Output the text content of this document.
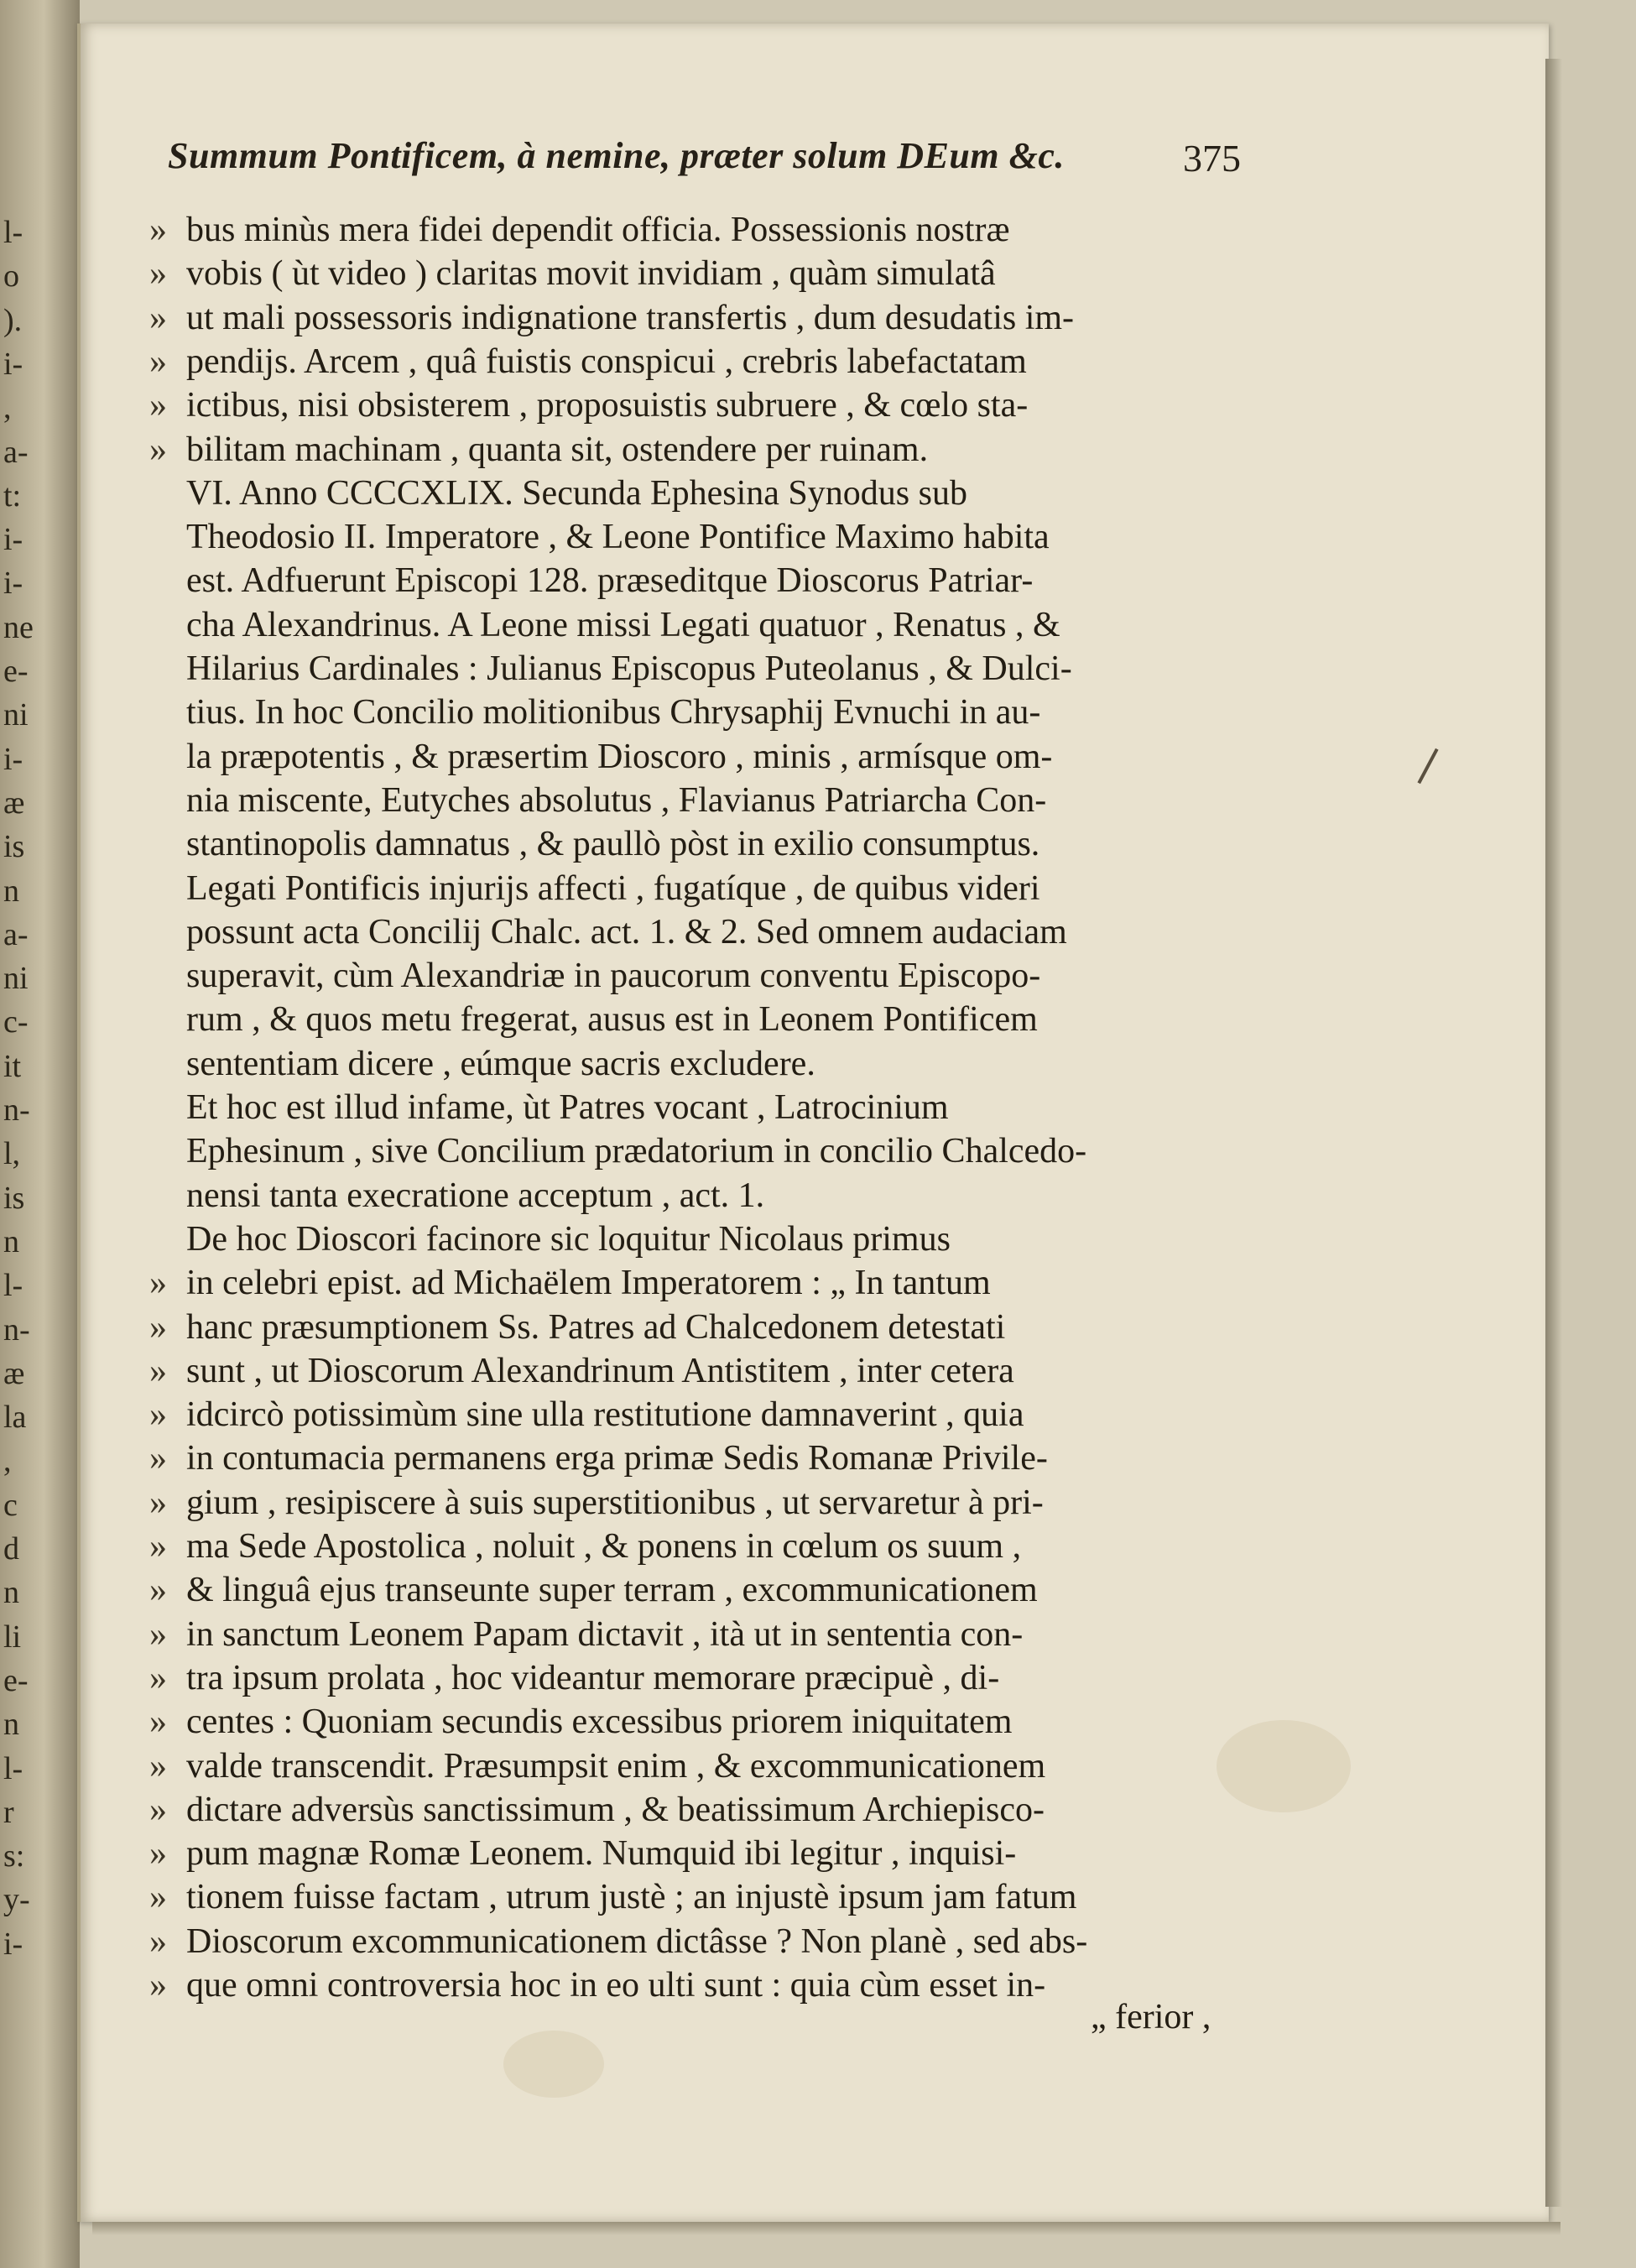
l-
o
).
i-
,
a-
t:
i-
i-
ne
e-
ni
i-
æ
is
n
a-
ni
c-
it
n-
l,
is
n
l-
n-
æ
la
,
c
d
n
li
e-
n
l-
r
s:
y-
i-
Summum Pontificem, à nemine, præter solum DEum &c.	375
» bus minùs mera fidei dependit officia. Possessionis nostræ
» vobis ( ùt video ) claritas movit invidiam , quàm simulatâ
» ut mali possessoris indignatione transfertis , dum desudatis im-
» pendijs. Arcem , quâ fuistis conspicui , crebris labefactatam
» ictibus, nisi obsisterem , proposuistis subruere , & cœlo sta-
» bilitam machinam , quanta sit, ostendere per ruinam.
VI. Anno CCCCXLIX. Secunda Ephesina Synodus sub
Theodosio II. Imperatore , & Leone Pontifice Maximo habita
est. Adfuerunt Episcopi 128. præseditque Dioscorus Patriar-
cha Alexandrinus. A Leone missi Legati quatuor , Renatus , &
Hilarius Cardinales : Julianus Episcopus Puteolanus , & Dulci-
tius. In hoc Concilio molitionibus Chrysaphij Evnuchi in au-
la præpotentis , & præsertim Dioscoro , minis , armísque om-
nia miscente, Eutyches absolutus , Flavianus Patriarcha Con-
stantinopolis damnatus , & paullò pòst in exilio consumptus.
Legati Pontificis injurijs affecti , fugatíque , de quibus videri
possunt acta Concilij Chalc. act. 1. & 2. Sed omnem audaciam
superavit, cùm Alexandriæ in paucorum conventu Episcopo-
rum , & quos metu fregerat, ausus est in Leonem Pontificem
sententiam dicere , eúmque sacris excludere.
Et hoc est illud infame, ùt Patres vocant , Latrocinium
Ephesinum , sive Concilium prædatorium in concilio Chalcedo-
nensi tanta execratione acceptum , act. 1.
De hoc Dioscori facinore sic loquitur Nicolaus primus
» in celebri epist. ad Michaëlem Imperatorem : „ In tantum
» hanc præsumptionem Ss. Patres ad Chalcedonem detestati
» sunt , ut Dioscorum Alexandrinum Antistitem , inter cetera
» idcircò potissimùm sine ulla restitutione damnaverint , quia
» in contumacia permanens erga primæ Sedis Romanæ Privile-
» gium , resipiscere à suis superstitionibus , ut servaretur à pri-
» ma Sede Apostolica , noluit , & ponens in cœlum os suum ,
» & linguâ ejus transeunte super terram , excommunicationem
» in sanctum Leonem Papam dictavit , ità ut in sententia con-
» tra ipsum prolata , hoc videantur memorare præcipuè , di-
» centes : Quoniam secundis excessibus priorem iniquitatem
» valde transcendit. Præsumpsit enim , & excommunicationem
» dictare adversùs sanctissimum , & beatissimum Archiepisco-
» pum magnæ Romæ Leonem. Numquid ibi legitur , inquisi-
» tionem fuisse factam , utrum justè ; an injustè ipsum jam fatum
» Dioscorum excommunicationem dictâsse ? Non planè , sed abs-
» que omni controversia hoc in eo ulti sunt : quia cùm esset in-
„ ferior ,
